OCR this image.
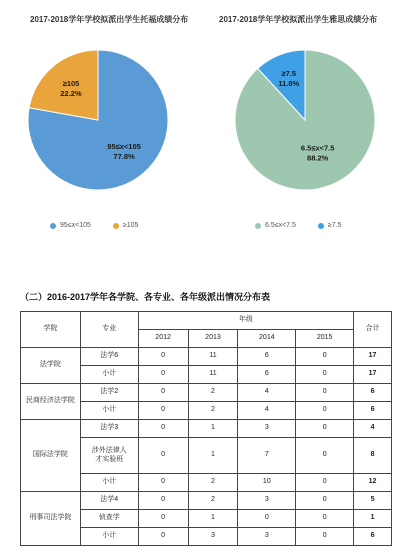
2017-2018学年学校拟派出学生托福成绩分布	2017-2018学年学校拟派出学生雅思成绩分布
95≤x<105
77.8%
≥105
22.2%
6.5≤x<7.5
88.2%
≥7.5
11.8%
95≤x<105	≥105	6.5≤x<7.5	≥7.5
（二）2016-2017学年各学院、各专业、各年级派出情况分布表
学院	专业	年级				合计
		2012	2013	2014	2015	
法学院	法学6	0	11	6	0	17
	小计	0	11	6	0	17
民商经济法学院	法学2	0	2	4	0	6
	小计	0	2	4	0	6
国际法学院	法学3	0	1	3	0	4
	涉外法律人才实验班	0	1	7	0	8
	小计	0	2	10	0	12
刑事司法学院	法学4	0	2	3	0	5
	侦查学	0	1	0	0	1
	小计	0	3	3	0	6
